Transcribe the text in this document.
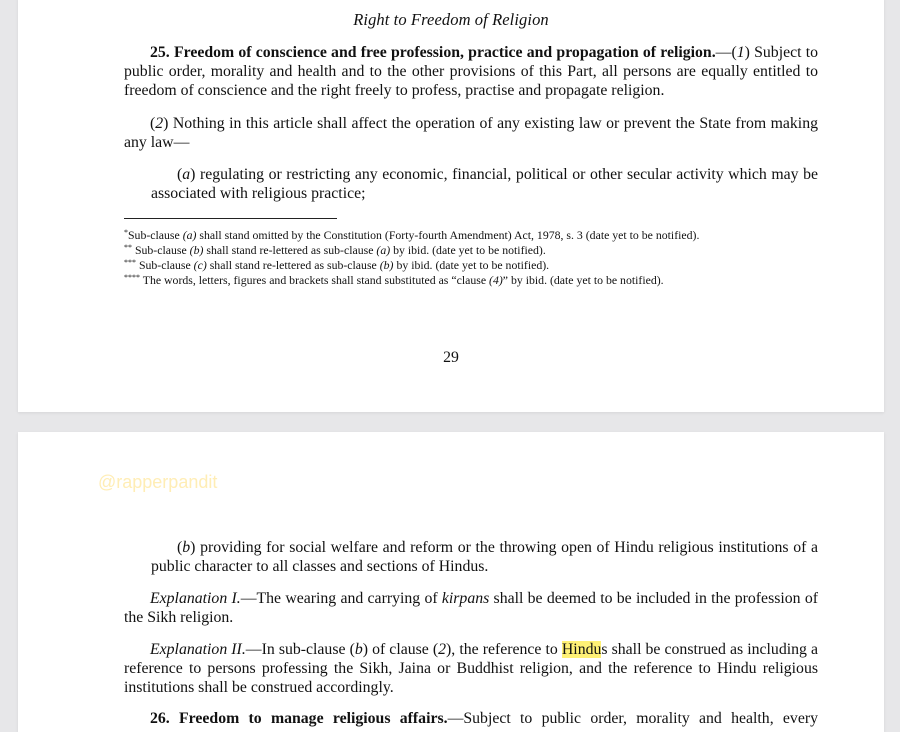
Right to Freedom of Religion

25. Freedom of conscience and free profession, practice and propagation of religion.—(1) Subject to public order, morality and health and to the other provisions of this Part, all persons are equally entitled to freedom of conscience and the right freely to profess, practise and propagate religion.

(2) Nothing in this article shall affect the operation of any existing law or prevent the State from making any law—

(a) regulating or restricting any economic, financial, political or other secular activity which may be associated with religious practice;

*Sub-clause (a) shall stand omitted by the Constitution (Forty-fourth Amendment) Act, 1978, s. 3 (date yet to be notified).

** Sub-clause (b) shall stand re-lettered as sub-clause (a) by ibid. (date yet to be notified).

*** Sub-clause (c) shall stand re-lettered as sub-clause (b) by ibid. (date yet to be notified).

**** The words, letters, figures and brackets shall stand substituted as “clause (4)” by ibid. (date yet to be notified).

29
@rapperpandit

(b) providing for social welfare and reform or the throwing open of Hindu religious institutions of a public character to all classes and sections of Hindus.

Explanation I.—The wearing and carrying of kirpans shall be deemed to be included in the profession of the Sikh religion.

Explanation II.—In sub-clause (b) of clause (2), the reference to Hindus shall be construed as including a reference to persons professing the Sikh, Jaina or Buddhist religion, and the reference to Hindu religious institutions shall be construed accordingly.

26. Freedom to manage religious affairs.—Subject to public order, morality and health, every
